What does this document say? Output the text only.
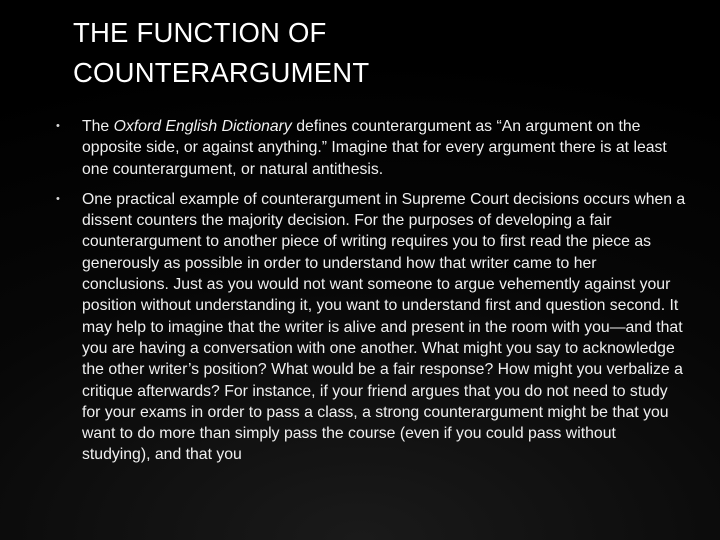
THE FUNCTION OF
COUNTERARGUMENT
• The Oxford English Dictionary defines counterargument as “An argument on the opposite side, or against anything.” Imagine that for every argument there is at least one counterargument, or natural antithesis.
• One practical example of counterargument in Supreme Court decisions occurs when a dissent counters the majority decision. For the purposes of developing a fair counterargument to another piece of writing requires you to first read the piece as generously as possible in order to understand how that writer came to her conclusions. Just as you would not want someone to argue vehemently against your position without understanding it, you want to understand first and question second. It may help to imagine that the writer is alive and present in the room with you—and that you are having a conversation with one another. What might you say to acknowledge the other writer’s position? What would be a fair response? How might you verbalize a critique afterwards? For instance, if your friend argues that you do not need to study for your exams in order to pass a class, a strong counterargument might be that you want to do more than simply pass the course (even if you could pass without studying), and that you
